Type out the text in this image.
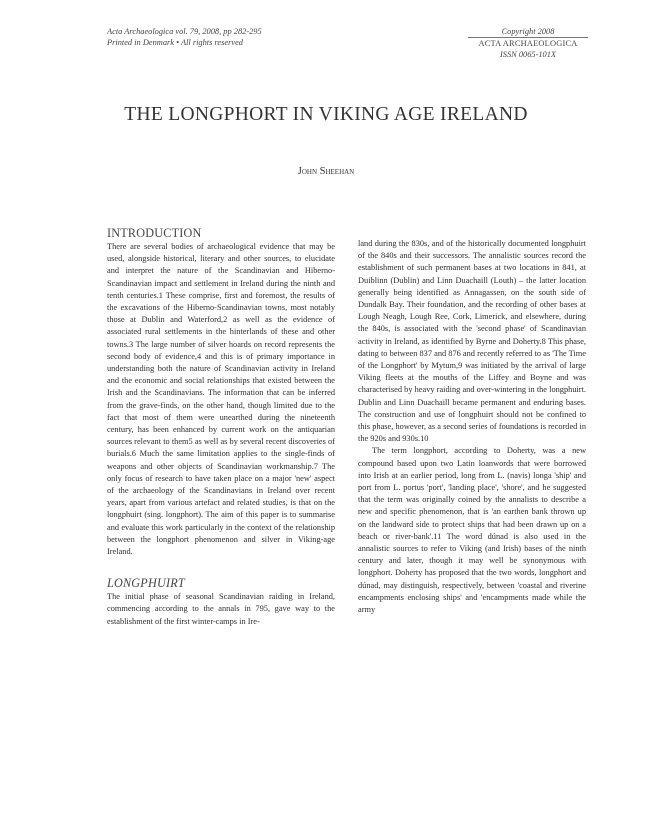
Acta Archaeologica vol. 79, 2008, pp 282-295
Printed in Denmark • All rights reserved
Copyright 2008
ACTA ARCHAEOLOGICA
ISSN 0065-101X
THE LONGPHORT IN VIKING AGE IRELAND
John Sheehan
INTRODUCTION

There are several bodies of archaeological evidence that may be used, alongside historical, literary and other sources, to elucidate and interpret the nature of the Scandinavian and Hiberno-Scandinavian impact and settlement in Ireland during the ninth and tenth centuries.1 These comprise, first and foremost, the results of the excavations of the Hiberno-Scandinavian towns, most notably those at Dublin and Waterford,2 as well as the evidence of associated rural settlements in the hinterlands of these and other towns.3 The large number of silver hoards on record represents the second body of evidence,4 and this is of primary importance in understanding both the nature of Scandinavian activity in Ireland and the economic and social relationships that existed between the Irish and the Scandinavians. The information that can be inferred from the grave-finds, on the other hand, though limited due to the fact that most of them were unearthed during the nineteenth century, has been enhanced by current work on the antiquarian sources relevant to them5 as well as by several recent discoveries of burials.6 Much the same limitation applies to the single-finds of weapons and other objects of Scandinavian workmanship.7 The only focus of research to have taken place on a major 'new' aspect of the archaeology of the Scandinavians in Ireland over recent years, apart from various artefact and related studies, is that on the longphuirt (sing. longphort). The aim of this paper is to summarise and evaluate this work particularly in the context of the relationship between the longphort phenomenon and silver in Viking-age Ireland.

LONGPHUIRT

The initial phase of seasonal Scandinavian raiding in Ireland, commencing according to the annals in 795, gave way to the establishment of the first winter-camps in Ire-

land during the 830s, and of the historically documented longphuirt of the 840s and their successors. The annalistic sources record the establishment of such permanent bases at two locations in 841, at Duiblinn (Dublin) and Linn Duachaill (Louth) – the latter location generally being identified as Annagassen, on the south side of Dundalk Bay. Their foundation, and the recording of other bases at Lough Neagh, Lough Ree, Cork, Limerick, and elsewhere, during the 840s, is associated with the 'second phase' of Scandinavian activity in Ireland, as identified by Byrne and Doherty.8 This phase, dating to between 837 and 876 and recently referred to as 'The Time of the Longphort' by Mytum,9 was initiated by the arrival of large Viking fleets at the mouths of the Liffey and Boyne and was characterised by heavy raiding and over-wintering in the longphuirt. Dublin and Linn Duachaill became permanent and enduring bases. The construction and use of longphuirt should not be confined to this phase, however, as a second series of foundations is recorded in the 920s and 930s.10

The term longphort, according to Doherty, was a new compound based upon two Latin loanwords that were borrowed into Irish at an earlier period, long from L. (navis) longa 'ship' and port from L. portus 'port', 'landing place', 'shore', and he suggested that the term was originally coined by the annalists to describe a new and specific phenomenon, that is 'an earthen bank thrown up on the landward side to protect ships that had been drawn up on a beach or river-bank'.11 The word dúnad is also used in the annalistic sources to refer to Viking (and Irish) bases of the ninth century and later, though it may well be synonymous with longphort. Doherty has proposed that the two words, longphort and dúnad, may distinguish, respectively, between 'coastal and riverine encampments enclosing ships' and 'encampments made while the army
